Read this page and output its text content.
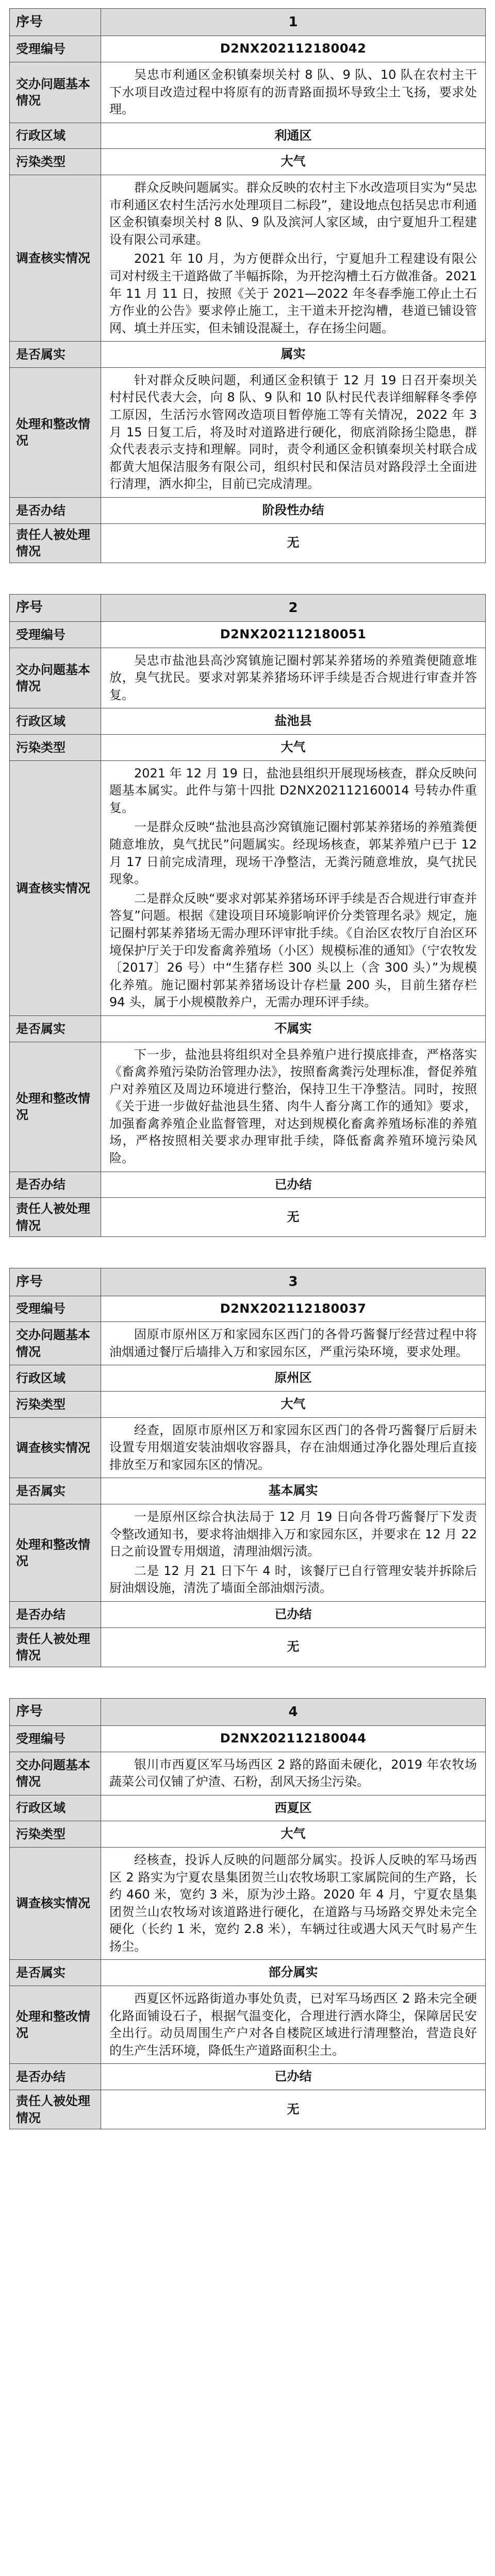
序号	1
受理编号	D2NX202112180042
交办问题基本情况	吴忠市利通区金积镇秦坝关村 8 队、9 队、10 队在农村主干下水项目改造过程中将原有的沥青路面损坏导致尘土飞扬，要求处理。

行政区域	利通区
污染类型	大气
调查核实情况	群众反映问题属实。群众反映的农村主下水改造项目实为“吴忠市利通区农村生活污水处理项目二标段”，建设地点包括吴忠市利通区金积镇秦坝关村 8 队、9 队及滨河人家区域，由宁夏旭升工程建设有限公司承建。

2021 年 10 月，为方便群众出行，宁夏旭升工程建设有限公司对村级主干道路做了半幅拆除，为开挖沟槽土石方做准备。2021 年 11 月 11 日，按照《关于 2021—2022 年冬春季施工停止土石方作业的公告》要求停止施工，主干道未开挖沟槽，巷道已铺设管网、填土并压实，但未铺设混凝土，存在扬尘问题。

是否属实	属实
处理和整改情况	针对群众反映问题，利通区金积镇于 12 月 19 日召开秦坝关村村民代表大会，向 8 队、9 队和 10 队村民代表详细解释冬季停工原因，生活污水管网改造项目暂停施工等有关情况，2022 年 3 月 15 日复工后，将及时对道路进行硬化，彻底消除扬尘隐患，群众代表表示支持和理解。同时，责令利通区金积镇秦坝关村联合成都黄大旭保洁服务有限公司，组织村民和保洁员对路段浮土全面进行清理，洒水抑尘，目前已完成清理。

是否办结	阶段性办结
责任人被处理情况	无
序号	2
受理编号	D2NX202112180051
交办问题基本情况	吴忠市盐池县高沙窝镇施记圈村郭某养猪场的养殖粪便随意堆放，臭气扰民。要求对郭某养猪场环评手续是否合规进行审查并答复。

行政区域	盐池县
污染类型	大气
调查核实情况	2021 年 12 月 19 日，盐池县组织开展现场核查，群众反映问题基本属实。此件与第十四批 D2NX202112160014 号转办件重复。

一是群众反映“盐池县高沙窝镇施记圈村郭某养猪场的养殖粪便随意堆放，臭气扰民”问题属实。经现场核查，郭某养殖户已于 12 月 17 日前完成清理，现场干净整洁，无粪污随意堆放，臭气扰民现象。

二是群众反映“要求对郭某养猪场环评手续是否合规进行审查并答复”问题。根据《建设项目环境影响评价分类管理名录》规定，施记圈村郭某养猪场无需办理环评审批手续。《自治区农牧厅自治区环境保护厅关于印发畜禽养殖场（小区）规模标准的通知》（宁农牧发〔2017〕26 号）中“生猪存栏 300 头以上（含 300 头）”为规模化养殖。施记圈村郭某养猪场设计存栏量 200 头，目前生猪存栏 94 头，属于小规模散养户，无需办理环评手续。

是否属实	不属实
处理和整改情况	下一步，盐池县将组织对全县养殖户进行摸底排查，严格落实《畜禽养殖污染防治管理办法》，按照畜禽粪污处理标准，督促养殖户对养殖区及周边环境进行整治，保持卫生干净整洁。同时，按照《关于进一步做好盐池县生猪、肉牛人畜分离工作的通知》要求，加强畜禽养殖企业监督管理，对达到规模化畜禽养殖场标准的养殖场，严格按照相关要求办理审批手续，降低畜禽养殖环境污染风险。

是否办结	已办结
责任人被处理情况	无
序号	3
受理编号	D2NX202112180037
交办问题基本情况	固原市原州区万和家园东区西门的各骨巧酱餐厅经营过程中将油烟通过餐厅后墙排入万和家园东区，严重污染环境，要求处理。

行政区域	原州区
污染类型	大气
调查核实情况	经查，固原市原州区万和家园东区西门的各骨巧酱餐厅后厨未设置专用烟道安装油烟收容器具，存在油烟通过净化器处理后直接排放至万和家园东区的情况。

是否属实	基本属实
处理和整改情况	一是原州区综合执法局于 12 月 19 日向各骨巧酱餐厅下发责令整改通知书，要求将油烟排入万和家园东区，并要求在 12 月 22 日之前设置专用烟道，清理油烟污渍。

二是 12 月 21 日下午 4 时，该餐厅已自行管理安装并拆除后厨油烟设施，清洗了墙面全部油烟污渍。

是否办结	已办结
责任人被处理情况	无
序号	4
受理编号	D2NX202112180044
交办问题基本情况	银川市西夏区军马场西区 2 路的路面未硬化，2019 年农牧场蔬菜公司仅铺了炉渣、石粉，刮风天扬尘污染。

行政区域	西夏区
污染类型	大气
调查核实情况	经核查，投诉人反映的问题部分属实。投诉人反映的军马场西区 2 路实为宁夏农垦集团贺兰山农牧场职工家属院间的生产路，长约 460 米，宽约 3 米，原为沙土路。2020 年 4 月，宁夏农垦集团贺兰山农牧场对该道路进行硬化，在道路与马场路交界处未完全硬化（长约 1 米，宽约 2.8 米），车辆过往或遇大风天气时易产生扬尘。

是否属实	部分属实
处理和整改情况	西夏区怀远路街道办事处负责，已对军马场西区 2 路未完全硬化路面铺设石子，根据气温变化，合理进行洒水降尘，保障居民安全出行。动员周围生产户对各自楼院区域进行清理整治，营造良好的生产生活环境，降低生产道路面积尘土。

是否办结	已办结
责任人被处理情况	无
